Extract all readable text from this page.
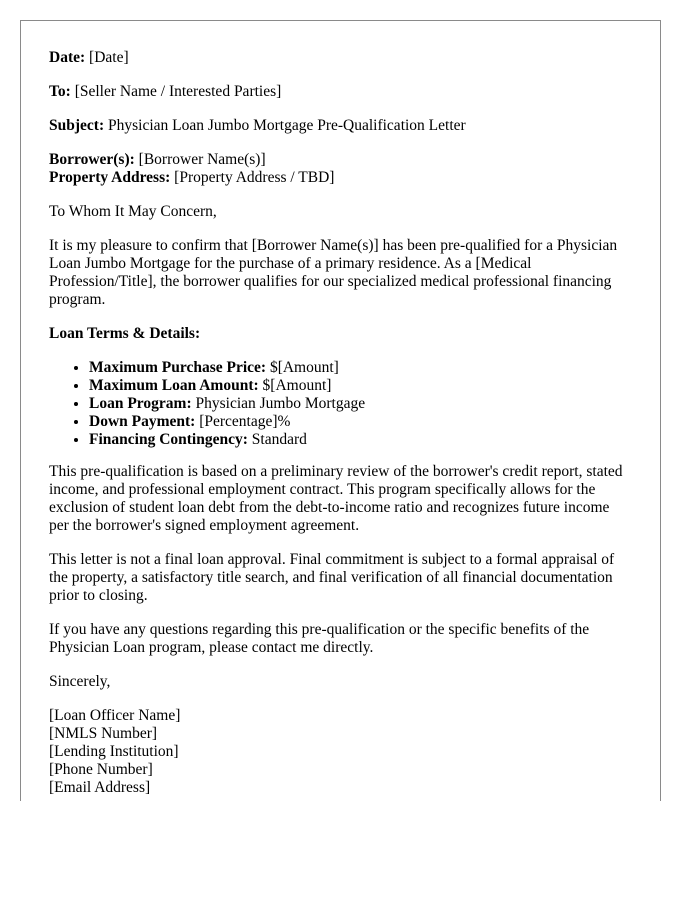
Date: [Date]

To: [Seller Name / Interested Parties]

Subject: Physician Loan Jumbo Mortgage Pre-Qualification Letter

Borrower(s): [Borrower Name(s)]

Property Address: [Property Address / TBD]

To Whom It May Concern,

It is my pleasure to confirm that [Borrower Name(s)] has been pre-qualified for a Physician Loan Jumbo Mortgage for the purchase of a primary residence. As a [Medical Profession/Title], the borrower qualifies for our specialized medical professional financing program.

Loan Terms & Details:

• Maximum Purchase Price: $[Amount]
• Maximum Loan Amount: $[Amount]
• Loan Program: Physician Jumbo Mortgage
• Down Payment: [Percentage]%
• Financing Contingency: Standard

This pre-qualification is based on a preliminary review of the borrower's credit report, stated income, and professional employment contract. This program specifically allows for the exclusion of student loan debt from the debt-to-income ratio and recognizes future income per the borrower's signed employment agreement.

This letter is not a final loan approval. Final commitment is subject to a formal appraisal of the property, a satisfactory title search, and final verification of all financial documentation prior to closing.

If you have any questions regarding this pre-qualification or the specific benefits of the Physician Loan program, please contact me directly.

Sincerely,

[Loan Officer Name]
[NMLS Number]
[Lending Institution]
[Phone Number]
[Email Address]
